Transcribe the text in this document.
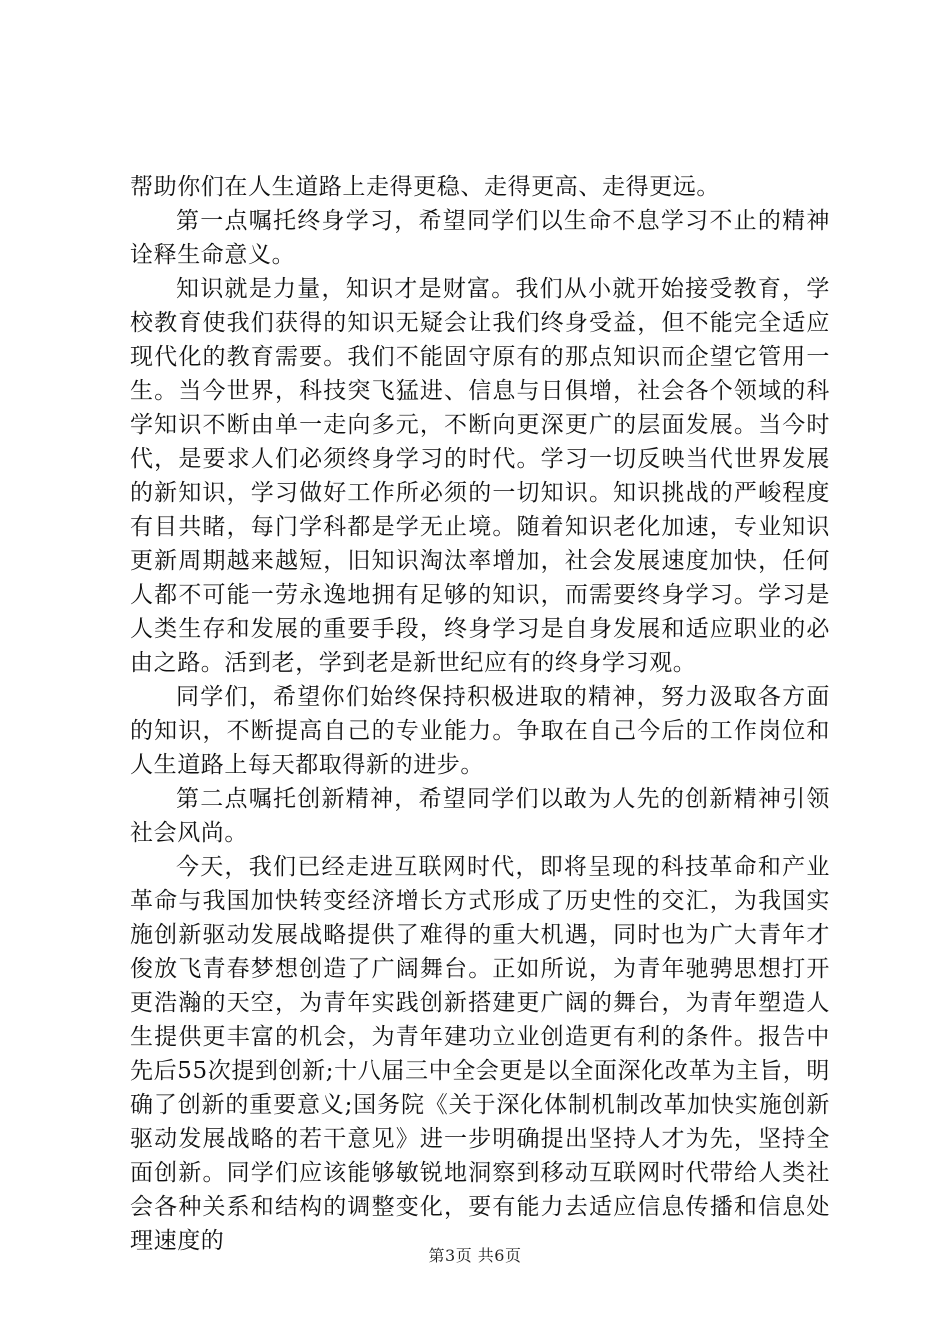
帮助你们在人生道路上走得更稳、走得更高、走得更远。

第一点嘱托终身学习，希望同学们以生命不息学习不止的精神诠释生命意义。

知识就是力量，知识才是财富。我们从小就开始接受教育，学校教育使我们获得的知识无疑会让我们终身受益，但不能完全适应现代化的教育需要。我们不能固守原有的那点知识而企望它管用一生。当今世界，科技突飞猛进、信息与日俱增，社会各个领域的科学知识不断由单一走向多元，不断向更深更广的层面发展。当今时代，是要求人们必须终身学习的时代。学习一切反映当代世界发展的新知识，学习做好工作所必须的一切知识。知识挑战的严峻程度有目共睹，每门学科都是学无止境。随着知识老化加速，专业知识更新周期越来越短，旧知识淘汰率增加，社会发展速度加快，任何人都不可能一劳永逸地拥有足够的知识，而需要终身学习。学习是人类生存和发展的重要手段，终身学习是自身发展和适应职业的必由之路。活到老，学到老是新世纪应有的终身学习观。

同学们，希望你们始终保持积极进取的精神，努力汲取各方面的知识，不断提高自己的专业能力。争取在自己今后的工作岗位和人生道路上每天都取得新的进步。

第二点嘱托创新精神，希望同学们以敢为人先的创新精神引领社会风尚。

今天，我们已经走进互联网时代，即将呈现的科技革命和产业革命与我国加快转变经济增长方式形成了历史性的交汇，为我国实施创新驱动发展战略提供了难得的重大机遇，同时也为广大青年才俊放飞青春梦想创造了广阔舞台。正如所说，为青年驰骋思想打开更浩瀚的天空，为青年实践创新搭建更广阔的舞台，为青年塑造人生提供更丰富的机会，为青年建功立业创造更有利的条件。报告中先后55次提到创新;十八届三中全会更是以全面深化改革为主旨，明确了创新的重要意义;国务院《关于深化体制机制改革加快实施创新驱动发展战略的若干意见》进一步明确提出坚持人才为先，坚持全面创新。同学们应该能够敏锐地洞察到移动互联网时代带给人类社会各种关系和结构的调整变化，要有能力去适应信息传播和信息处理速度的

第3页 共6页
